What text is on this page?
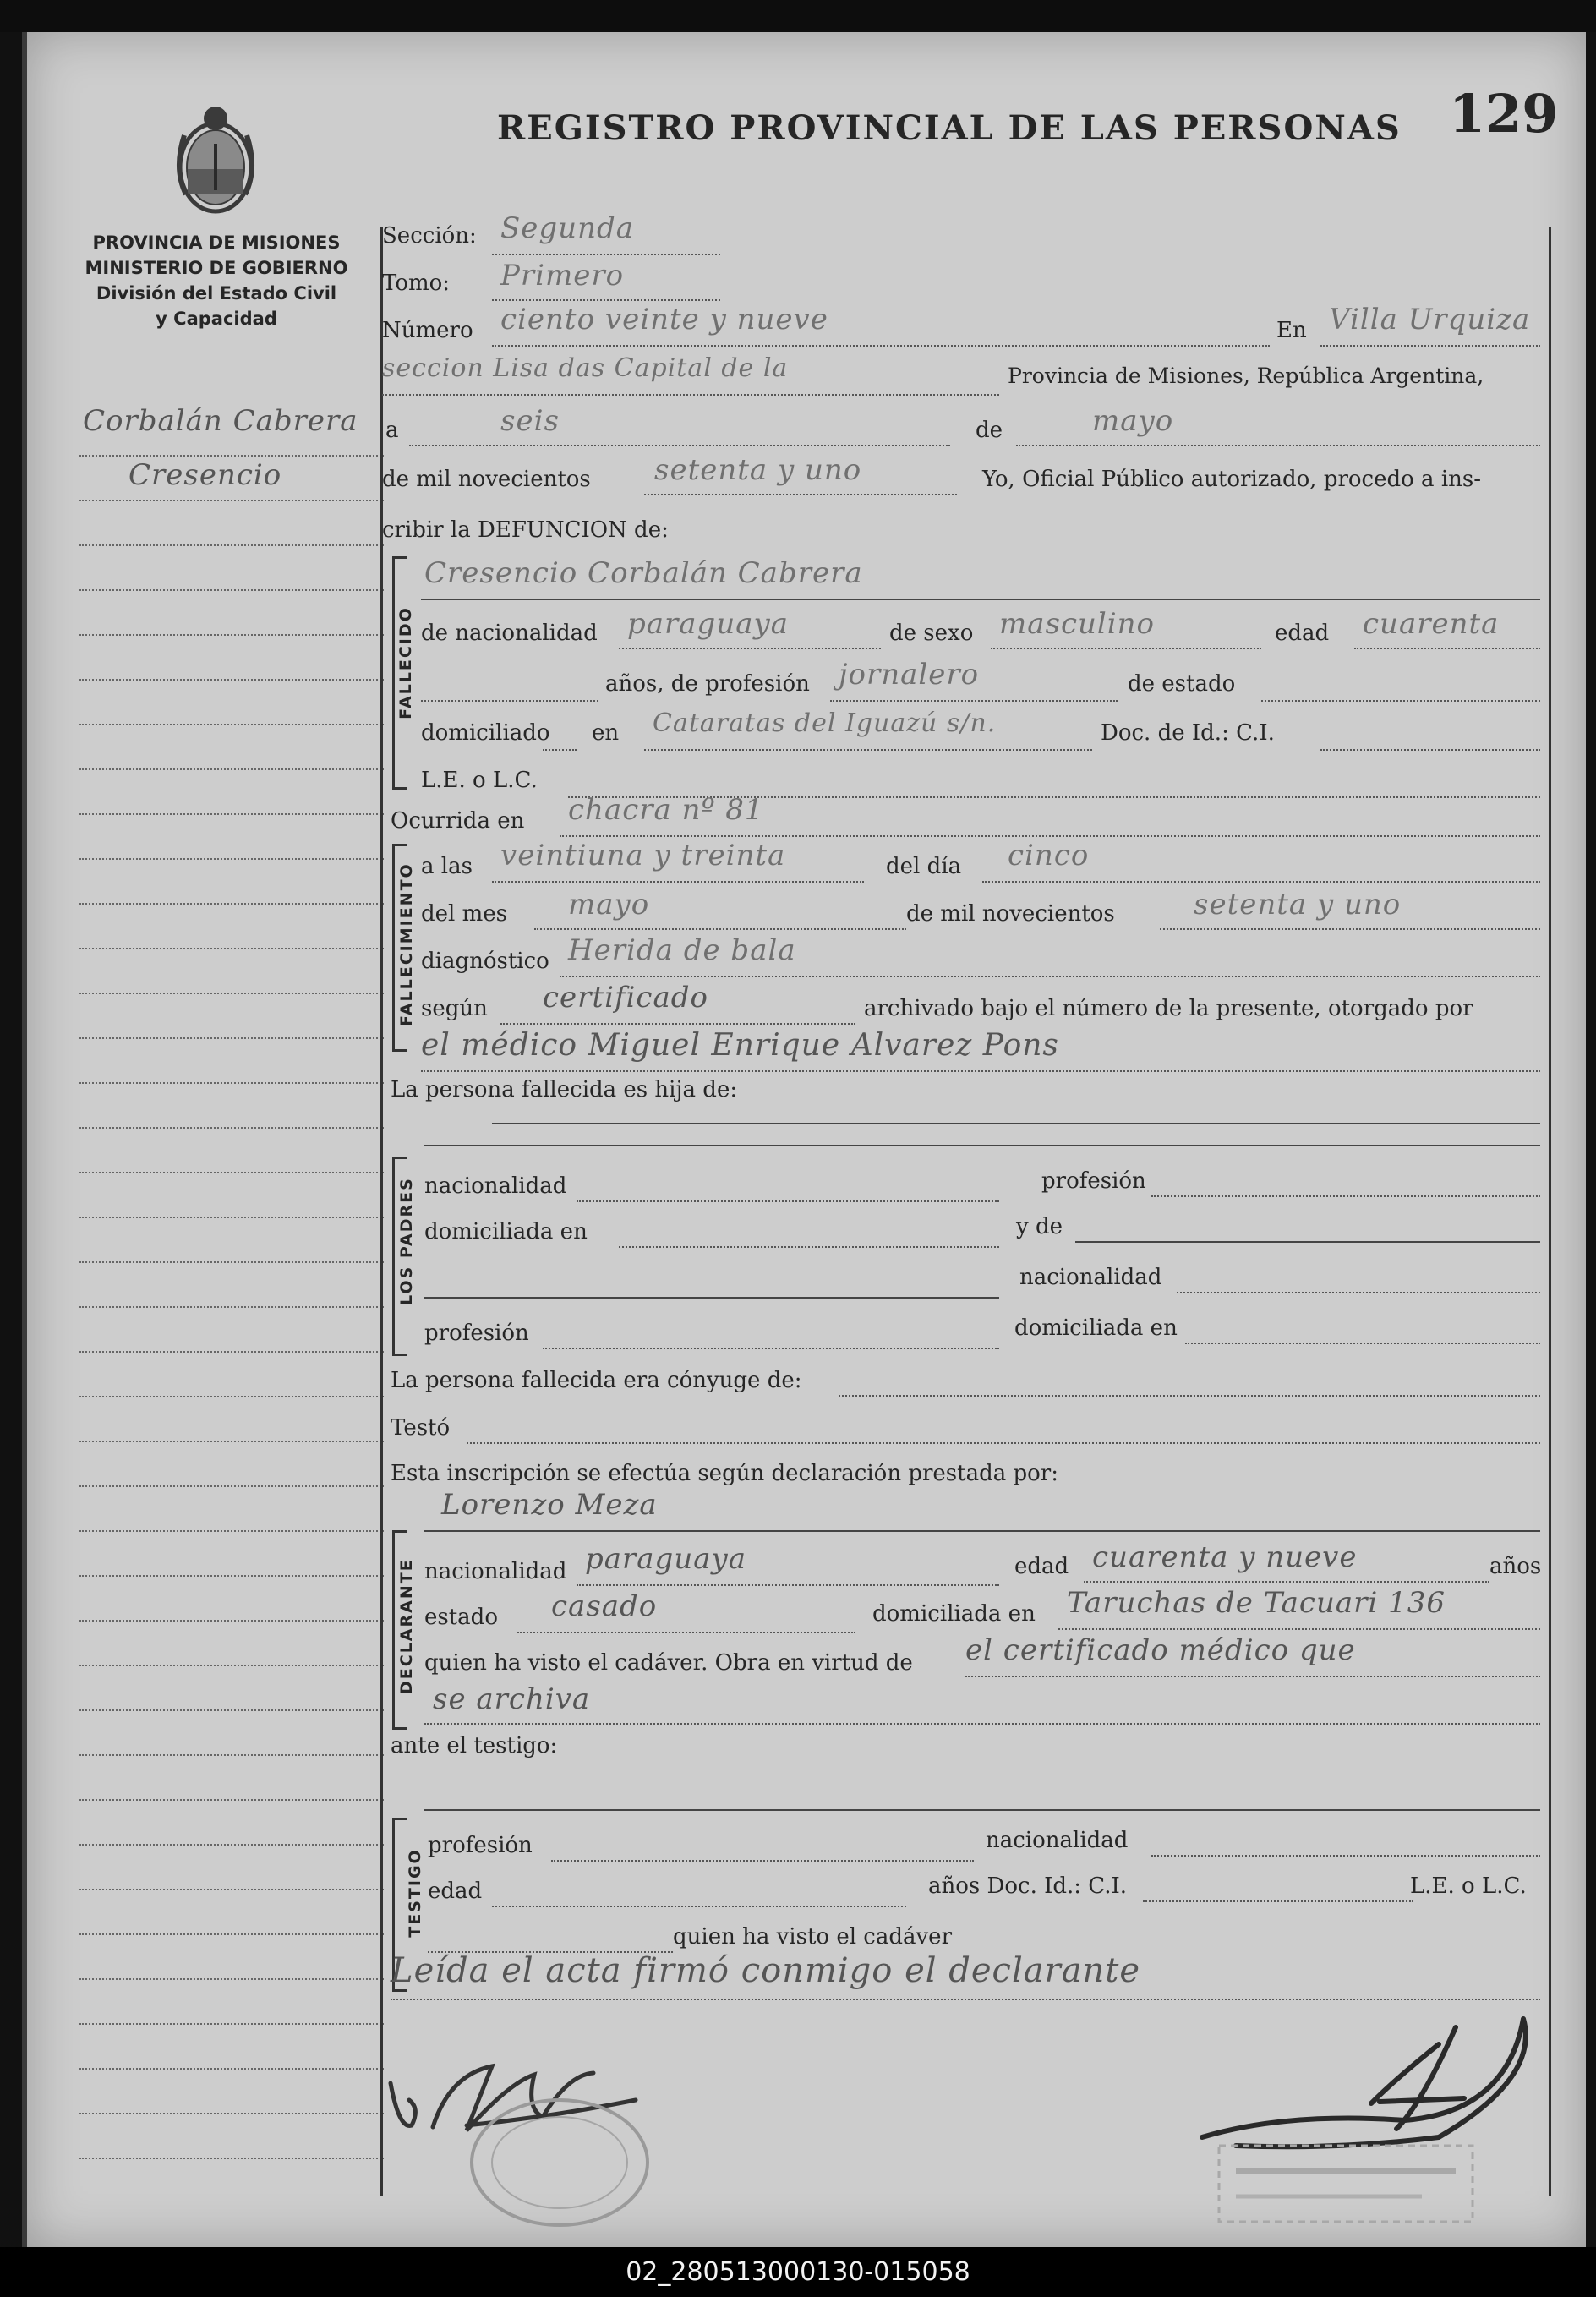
REGISTRO PROVINCIAL DE LAS PERSONAS 129
PROVINCIA DE MISIONES
MINISTERIO DE GOBIERNO
División del Estado Civil
y Capacidad
Corbalán Cabrera
Cresencio
Sección: Segunda
Tomo: Primero
Número ciento veinte y nueve	En Villa Urquiza
seccion Lisa das Capital de la	Provincia de Misiones, República Argentina,
a	seis	de	mayo
de mil novecientos setenta y uno	Yo, Oficial Público autorizado, procedo a ins-
cribir la DEFUNCION de:
FALLECIDO
Cresencio Corbalán Cabrera
de nacionalidad paraguaya	de sexo masculino	edad cuarenta
años, de profesión jornalero	de estado
domiciliado en Cataratas del Iguazú s/n.	Doc. de Id.: C.I.
L.E. o L.C.
Ocurrida en chacra nº 81
FALLECIMIENTO a las veintiuna y treinta	del día cinco
del mes mayo	de mil novecientos	setenta y uno
diagnóstico Herida de bala
según certificado	archivado bajo el número de la presente, otorgado por
el médico Miguel Enrique Alvarez Pons
La persona fallecida es hija de:
LOS PADRES nacionalidad	profesión
domiciliada en	y de
nacionalidad
profesión	domiciliada en
La persona fallecida era cónyuge de:
Testó
Esta inscripción se efectúa según declaración prestada por:
Lorenzo Meza
DECLARANTE nacionalidad paraguaya	edad cuarenta y nueve	años
estado casado	domiciliada en Taruchas de Tacuari 136
quien ha visto el cadáver. Obra en virtud de el certificado médico que
se archiva
ante el testigo:
TESTIGO
profesión	nacionalidad
edad	años Doc. Id.: C.I.	L.E. o L.C.
quien ha visto el cadáver
Leída el acta firmó conmigo el declarante
02_280513000130-015058
